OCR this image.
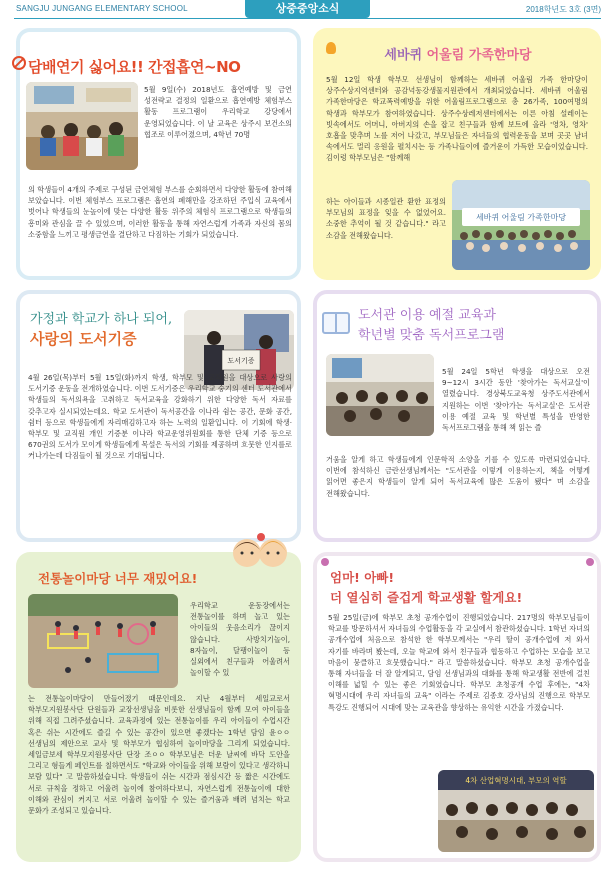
SANGJU JUNGANG ELEMENTARY SCHOOL	상중중앙소식	2018학년도 3호 (3면)
담배연기 싫어요!! 간접흡연~NO
5월 9일(수) 2018년도 흡연예방 및 금연 성전략교 결정의 일환으로 흡연예방 체험부스 활동 프로그램이 우리학교 강당에서 운영되었습니다. 이 날 교육은 상주시 보건소의 협조로 이루어졌으며, 4학년 70명
의 학생들이 4개의 주제로 구성된 금연체험 부스를 순회하면서 다양한 활동에 참여해 보았습니다. 이번 체험부스 프로그램은 흡연의 폐해만을 강조하던 주입식 교육에서 벗어나 학생들의 눈높이에 맞는 다양한 활동 위주의 체험식 프로그램으로 학생들의 흥미와 관심을 끌 수 있었으며, 이러한 활동을 통해 자연스럽게 가족과 자신의 몸의 소중함을 느끼고 평생금연을 결단하고 다짐하는 기회가 되었습니다.
세바퀴 어울림 가족한마당
5월 12일 학생 학부모 선생님이 함께하는 세바퀴 어울림 가족 한마당이 상주수상지역센터와 공감넉동강생물지원관에서 개최되었습니다. 세바퀴 어울림 가족한마당은 학교폭력예방을 위한 어울림프로그램으로 총 26가족, 100여명의 학생과 학부모가 참여하였습니다. 상주수상레저센터에서는 이른 아침 설레이는 빗속에서도 어머니, 아버지의 손을 잡고 친구들과 함께 보트에 올라 '영차, 영차' 호흡을 맞추며 노를 저어 나갔고, 부모님들은 자녀들의 협력운동을 보며 곳곳 남녀 속에서도 멀리 응원을 펼치시는 등 가족나들이에 즐거운이 가득한 모습이었습니다. 김이렁 학부모님은 "함께해
하는 아이들과 시종일관 환한 표정의 부모님의 표정을 잊을 수 없었어요. 소중한 추억이 될 것 같습니다." 라고 소감을 전해왔습니다.
세바퀴 어울림 가족한마당
가정과 학교가 하나 되어,
사랑의 도서기증
도서기증
4월 26일(목)부터 5월 15일(화)까지 학생, 학부모 및 교직원을 대상으로 사랑의 도서기증 운동을 전개하였습니다. 이번 도서기증은 우리학교 숭기의 센터 도서관에서 학생들의 독서의욕을 고취하고 독서교육을 강화하기 위한 다양한 독서 자료를 갖추고자 실시되었는데요. 학교 도서관이 독서공간을 이나라 쉼는 공간, 문화 공간, 쉼터 등으로 학생들에게 자리매김하고자 하는 노력의 일환입니다. 이 기회에 학생·학부모 및 교직원 개인 기증분 이나라 학교운영위원회를 통한 단체 기증 등으로 670권의 도서가 모이게 학생들에게 목설은 독서의 기회를 제공하며 흐뭇한 인지를로 커나가는데 다짐들이 될 것으로 기대됩니다.
도서관 이용 예절 교육과
학년별 맞춤 독서프로그램
5월 24일 5학년 학생을 대상으로 오전 9~12시 3시간 동안 '찾아가는 독서교실'이 열렸습니다. 경상북도교육청 상주도서관에서 지원하는 이번 '찾아가는 독서교실'은 도서관 이용 예절 교육 및 학년별 특성을 반영한 독서프로그램을 통해 책 읽는 즐
거움을 알게 하고 학생들에게 인문학적 소양을 기를 수 있도록 마련되었습니다. 이번에 참석하신 금란선생님께서는 "도서관을 이렇게 이용하는지, 책을 어떻게 읽어면 좋은지 학생들이 알게 되어 독서교육에 많은 도움이 됐다" 며 소감을 전해왔습니다.
전통놀이마당 너무 재밌어요!
우리학교 운동장에서는 전통놀이를 하며 놀고 있는 아이들의 웃음소리가 끊이지 않습니다. 사방치기놀이, 8자놀이, 달팽이놀이 등 실외에서 친구들과 어울려서 놀이할 수 있
는 전통놀이마당이 만들어졌기 때문인데요. 지난 4월부터 세일교로서 학부모지원봉사단 단원들과 교장선생님을 비롯한 선생님들이 함께 모여 아이들을 위해 직접 그려주셨습니다. 교육과정에 있는 전통놀이를 우리 아이들이 수업시간 혹은 쉬는 시간에도 즐길 수 있는 공간이 있으면 좋겠다는 1학년 담임 윤ㅇㅇ 선생님의 제안으로 교사 및 학부모가 협심하여 놀이마당을 그리게 되었습니다. 세일금보세 학부모지원봉사단 단장 조ㅇㅇ 학부모님은 더운 날씨에 바닥 도안을 그리고 형들게 페인트를 칠하면서도 "학교와 아이들을 위해 보람이 있다고 생각하니 보람 있다" 고 말씀하셨습니다. 학생들이 쉬는 시간과 점심시간 등 짧은 시간에도 서로 규칙을 정하고 어울려 놀이에 참여하다보니, 자연스럽게 전통놀이에 대한 이해와 관심이 커지고 서로 어울려 놀이할 수 있는 즐거움과 배려 넘치는 학교 문화가 조성되고 있습니다.
엄마! 아빠!
더 열심히 즐겁게 학교생활 할게요!
5월 25일(금)에 학부모 초청 공개수업이 진행되었습니다. 217명의 학부모님들이 학교를 방문하셔서 자녀들의 수업활동을 각 교실에서 참관하셨습니다. 1학년 자녀의 공개수업에 처음으로 참석한 한 학부모께서는 "우리 딸이 공개수업에 저 와서 자기를 바라며 봤는데, 오늘 학교에 와서 친구들과 협동하고 수업하는 모습을 보고 마음이 뭉클하고 흐뭇했습니다." 라고 말씀하셨습니다. 학부모 초청 공개수업을 통해 자녀들을 더 잘 알게되고, 담임 선생님과의 대화를 통해 학교생활 전반에 걸친 이해를 넓힐 수 있는 좋은 기회였습니다. 학부모 초청공개 수업 후에는, "4차 혁명시대에 우리 자녀들의 교육" 이라는 주제로 김종호 강사님의 진행으로 학부모 특강도 진행되어 시대에 맞는 교육관을 향상하는 유익한 시간을 가졌습니다.
4차 산업혁명시대, 부모의 역할
